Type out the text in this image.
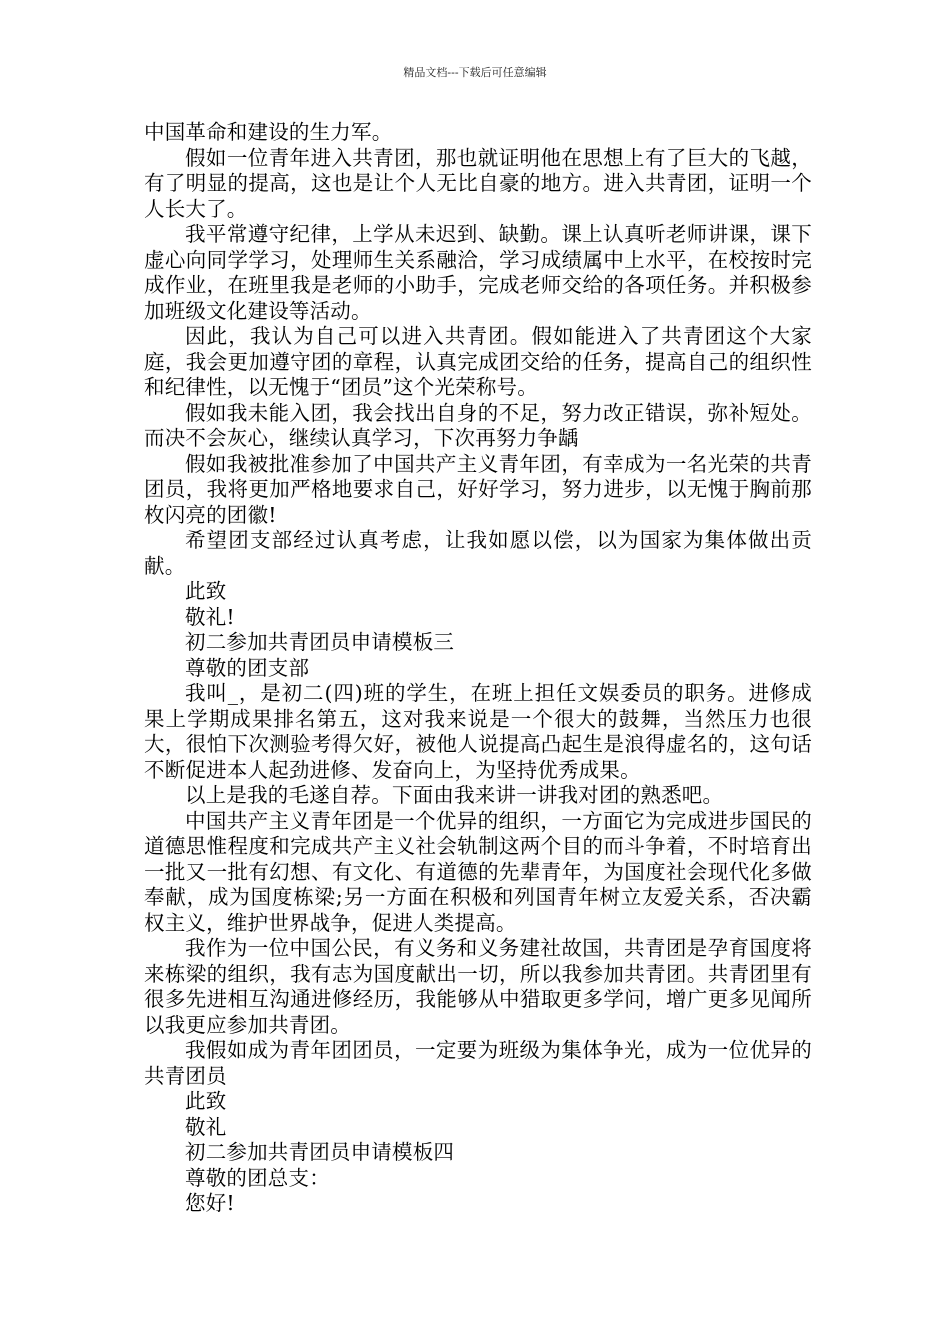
精品文档---下载后可任意编辑

中国革命和建设的生力军。

假如一位青年进入共青团，那也就证明他在思想上有了巨大的飞越，有了明显的提高，这也是让个人无比自豪的地方。进入共青团，证明一个人长大了。

我平常遵守纪律，上学从未迟到、缺勤。课上认真听老师讲课，课下虚心向同学学习，处理师生关系融洽，学习成绩属中上水平，在校按时完成作业，在班里我是老师的小助手，完成老师交给的各项任务。并积极参加班级文化建设等活动。

因此，我认为自己可以进入共青团。假如能进入了共青团这个大家庭，我会更加遵守团的章程，认真完成团交给的任务，提高自己的组织性和纪律性，以无愧于“团员”这个光荣称号。

假如我未能入团，我会找出自身的不足，努力改正错误，弥补短处。而决不会灰心，继续认真学习，下次再努力争龋

假如我被批准参加了中国共产主义青年团，有幸成为一名光荣的共青团员，我将更加严格地要求自己，好好学习，努力进步，以无愧于胸前那枚闪亮的团徽!

希望团支部经过认真考虑，让我如愿以偿，以为国家为集体做出贡献。

此致

敬礼!

初二参加共青团员申请模板三

尊敬的团支部

我叫_，是初二(四)班的学生，在班上担任文娱委员的职务。进修成果上学期成果排名第五，这对我来说是一个很大的鼓舞，当然压力也很大，很怕下次测验考得欠好，被他人说提高凸起生是浪得虚名的，这句话不断促进本人起劲进修、发奋向上，为坚持优秀成果。

以上是我的毛遂自荐。下面由我来讲一讲我对团的熟悉吧。

中国共产主义青年团是一个优异的组织，一方面它为完成进步国民的道德思惟程度和完成共产主义社会轨制这两个目的而斗争着，不时培育出一批又一批有幻想、有文化、有道德的先辈青年，为国度社会现代化多做奉献，成为国度栋梁;另一方面在积极和列国青年树立友爱关系，否决霸权主义，维护世界战争，促进人类提高。

我作为一位中国公民，有义务和义务建社故国，共青团是孕育国度将来栋梁的组织，我有志为国度献出一切，所以我参加共青团。共青团里有很多先进相互沟通进修经历，我能够从中猎取更多学问，增广更多见闻所以我更应参加共青团。

我假如成为青年团团员，一定要为班级为集体争光，成为一位优异的共青团员

此致

敬礼

初二参加共青团员申请模板四

尊敬的团总支：

您好!
